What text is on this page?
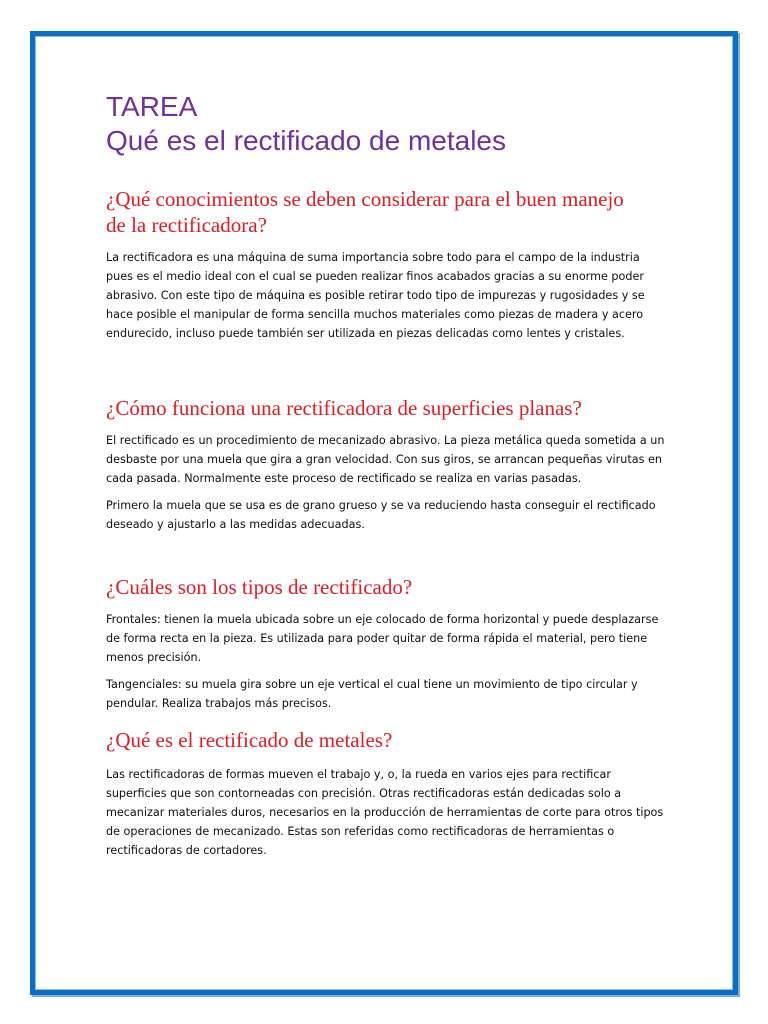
TAREA
Qué es el rectificado de metales
¿Qué conocimientos se deben considerar para el buen manejo de la rectificadora?

La rectificadora es una máquina de suma importancia sobre todo para el campo de la industria pues es el medio ideal con el cual se pueden realizar finos acabados gracias a su enorme poder abrasivo. Con este tipo de máquina es posible retirar todo tipo de impurezas y rugosidades y se hace posible el manipular de forma sencilla muchos materiales como piezas de madera y acero endurecido, incluso puede también ser utilizada en piezas delicadas como lentes y cristales.

¿Cómo funciona una rectificadora de superficies planas?

El rectificado es un procedimiento de mecanizado abrasivo. La pieza metálica queda sometida a un desbaste por una muela que gira a gran velocidad. Con sus giros, se arrancan pequeñas virutas en cada pasada. Normalmente este proceso de rectificado se realiza en varias pasadas.

Primero la muela que se usa es de grano grueso y se va reduciendo hasta conseguir el rectificado deseado y ajustarlo a las medidas adecuadas.

¿Cuáles son los tipos de rectificado?

Frontales: tienen la muela ubicada sobre un eje colocado de forma horizontal y puede desplazarse de forma recta en la pieza. Es utilizada para poder quitar de forma rápida el material, pero tiene menos precisión.

Tangenciales: su muela gira sobre un eje vertical el cual tiene un movimiento de tipo circular y pendular. Realiza trabajos más precisos.

¿Qué es el rectificado de metales?

Las rectificadoras de formas mueven el trabajo y, o, la rueda en varios ejes para rectificar superficies que son contorneadas con precisión. Otras rectificadoras están dedicadas solo a mecanizar materiales duros, necesarios en la producción de herramientas de corte para otros tipos de operaciones de mecanizado. Estas son referidas como rectificadoras de herramientas o rectificadoras de cortadores.
